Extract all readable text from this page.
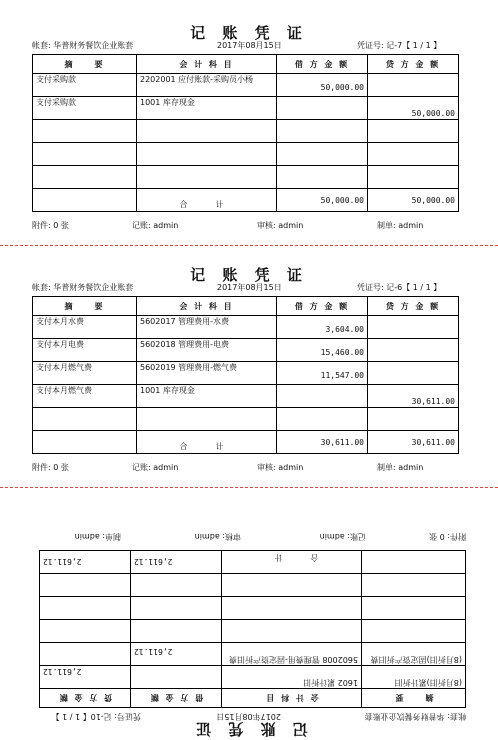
记 账 凭 证
帐套: 华普财务餐饮企业账套	2017年08月15日	凭证号: 记-7【 1 / 1 】
摘　　要	会 计 科 目	借 方 金 额	贷 方 金 额
支付采购款	2202001 应付账款-采购员小杨	50,000.00	

支付采购款	1001 库存现金		50,000.00

	合　计	50,000.00	50,000.00
附件: 0 张	记账: admin	审核: admin	制单: admin
记 账 凭 证
帐套: 华普财务餐饮企业账套	2017年08月15日	凭证号: 记-6【 1 / 1 】
摘　　要	会 计 科 目	借 方 金 额	贷 方 金 额
支付本月水费	5602017 管理费用-水费	3,604.00	

支付本月电费	5602018 管理费用-电费	15,460.00	

支付本月燃气费	5602019 管理费用-燃气费	11,547.00	

支付本月燃气费	1001 库存现金		30,611.00

	合　计	30,611.00	30,611.00
附件: 0 张	记账: admin	审核: admin	制单: admin
记 账 凭 证
帐套: 华普财务餐饮企业账套
2017年08月15日
凭证号: 记-10【 1 / 1 】
摘　　要	会 计 科 目	借 方 金 额	贷 方 金 额
(8月折旧)累计折旧	1602 累计折旧		2,611.12

(8月折旧)固定资产折旧费	5602008 管理费用-固定资产折旧费	2,611.12	

	合　计	2,611.12	2,611.12
附件: 0 张
记账: admin
审核: admin
制单: admin
